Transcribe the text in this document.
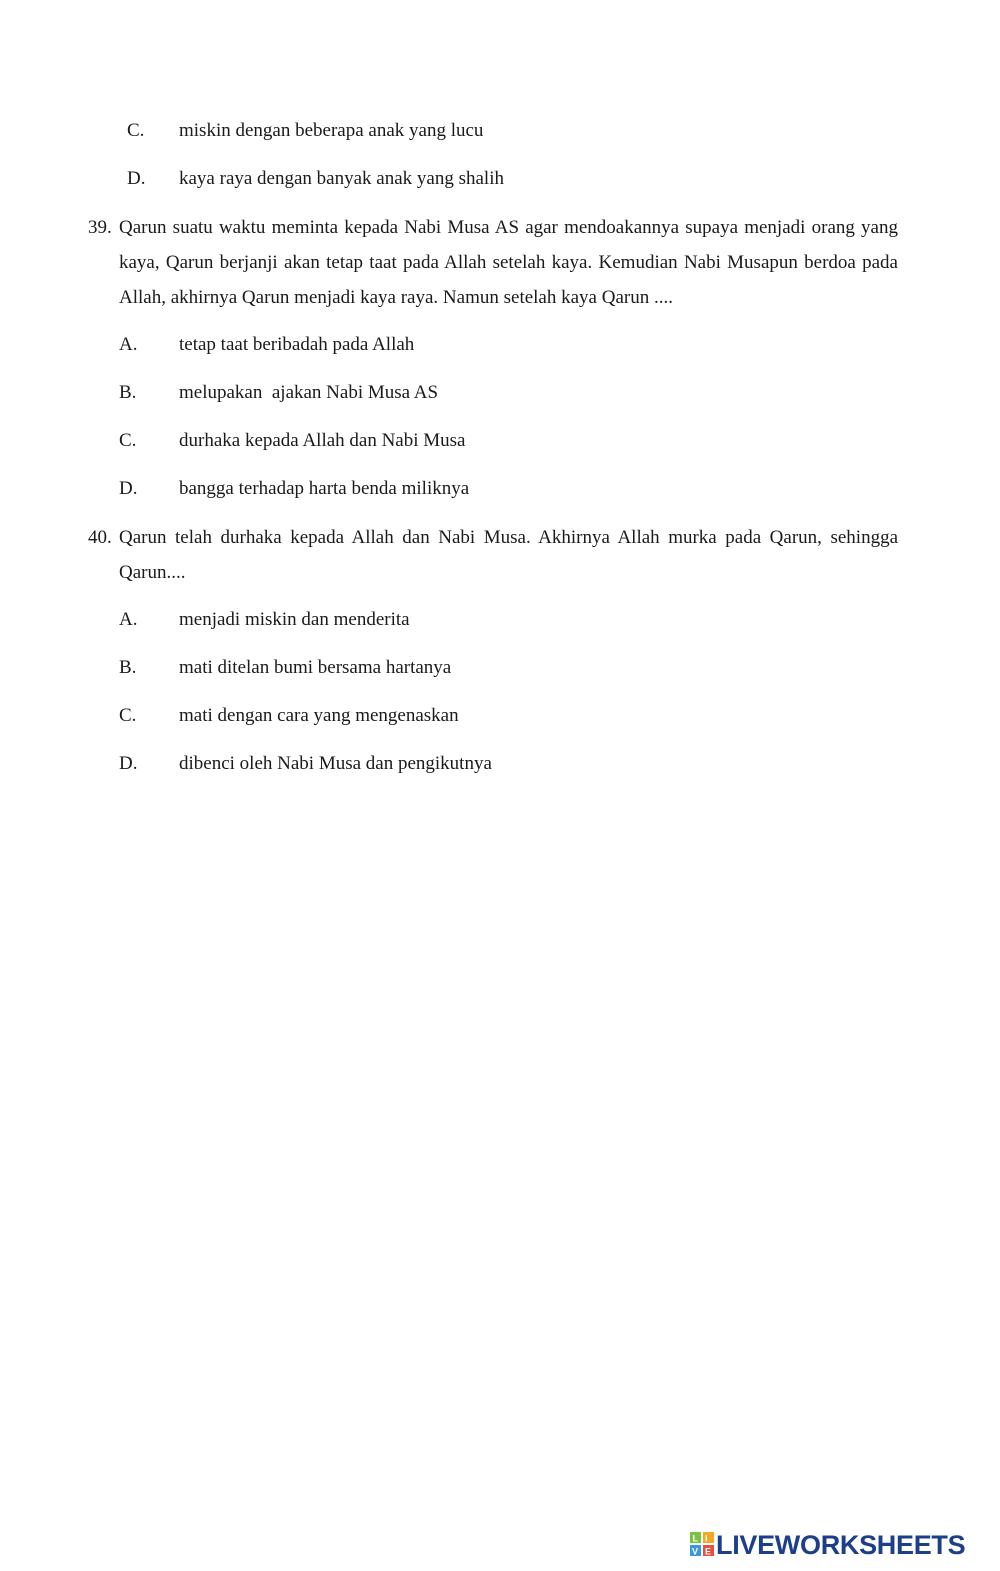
C. miskin dengan beberapa anak yang lucu
D. kaya raya dengan banyak anak yang shalih
39. Qarun suatu waktu meminta kepada Nabi Musa AS agar mendoakannya supaya menjadi orang yang kaya, Qarun berjanji akan tetap taat pada Allah setelah kaya. Kemudian Nabi Musapun berdoa pada Allah, akhirnya Qarun menjadi kaya raya. Namun setelah kaya Qarun ....
A. tetap taat beribadah pada Allah
B. melupakan  ajakan Nabi Musa AS
C. durhaka kepada Allah dan Nabi Musa
D. bangga terhadap harta benda miliknya
40. Qarun telah durhaka kepada Allah dan Nabi Musa. Akhirnya Allah murka pada Qarun, sehingga Qarun....
A. menjadi miskin dan menderita
B. mati ditelan bumi bersama hartanya
C. mati dengan cara yang mengenaskan
D. dibenci oleh Nabi Musa dan pengikutnya
L I
V E LIVEWORKSHEETS
